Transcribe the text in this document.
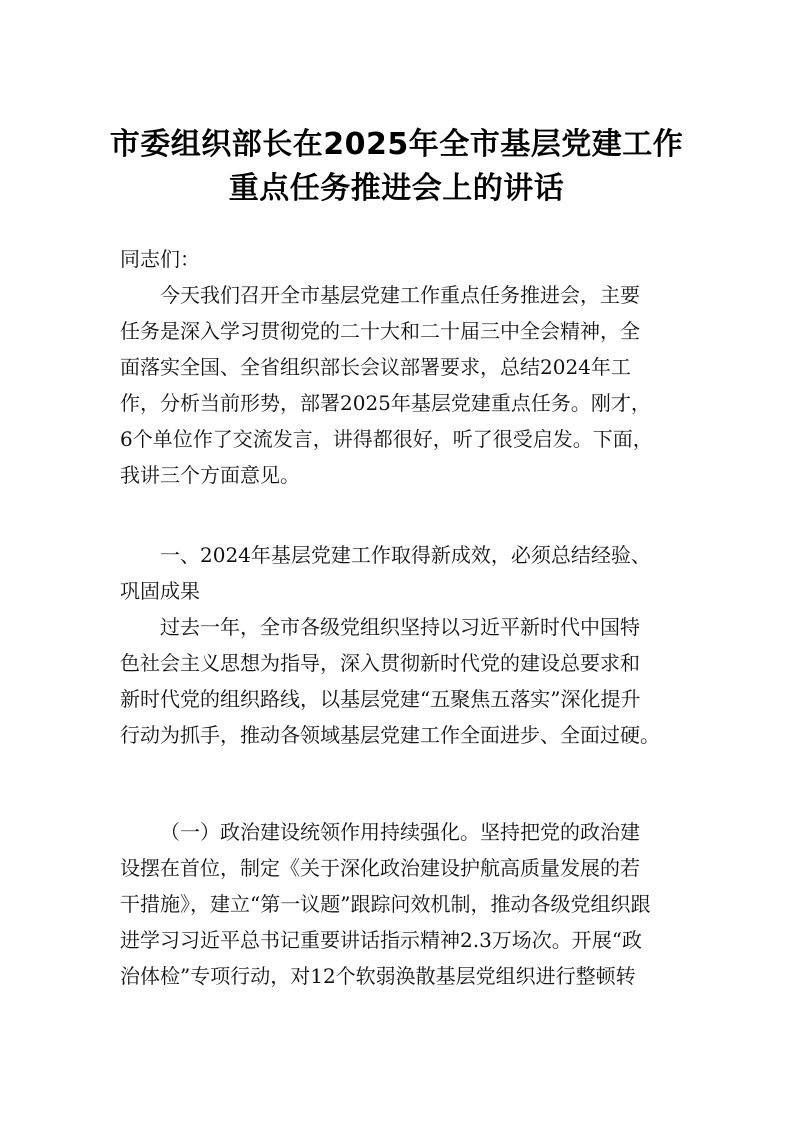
市委组织部长在2025年全市基层党建工作
重点任务推进会上的讲话

同志们：

今天我们召开全市基层党建工作重点任务推进会，主要
任务是深入学习贯彻党的二十大和二十届三中全会精神，全
面落实全国、全省组织部长会议部署要求，总结2024年工
作，分析当前形势，部署2025年基层党建重点任务。刚才，
6个单位作了交流发言，讲得都很好，听了很受启发。下面，
我讲三个方面意见。
一、2024年基层党建工作取得新成效，必须总结经验、
巩固成果
过去一年，全市各级党组织坚持以习近平新时代中国特
色社会主义思想为指导，深入贯彻新时代党的建设总要求和
新时代党的组织路线，以基层党建“五聚焦五落实”深化提升
行动为抓手，推动各领域基层党建工作全面进步、全面过硬。
（一）政治建设统领作用持续强化。坚持把党的政治建
设摆在首位，制定《关于深化政治建设护航高质量发展的若
干措施》，建立“第一议题”跟踪问效机制，推动各级党组织跟
进学习习近平总书记重要讲话指示精神2.3万场次。开展“政
治体检”专项行动，对12个软弱涣散基层党组织进行整顿转
